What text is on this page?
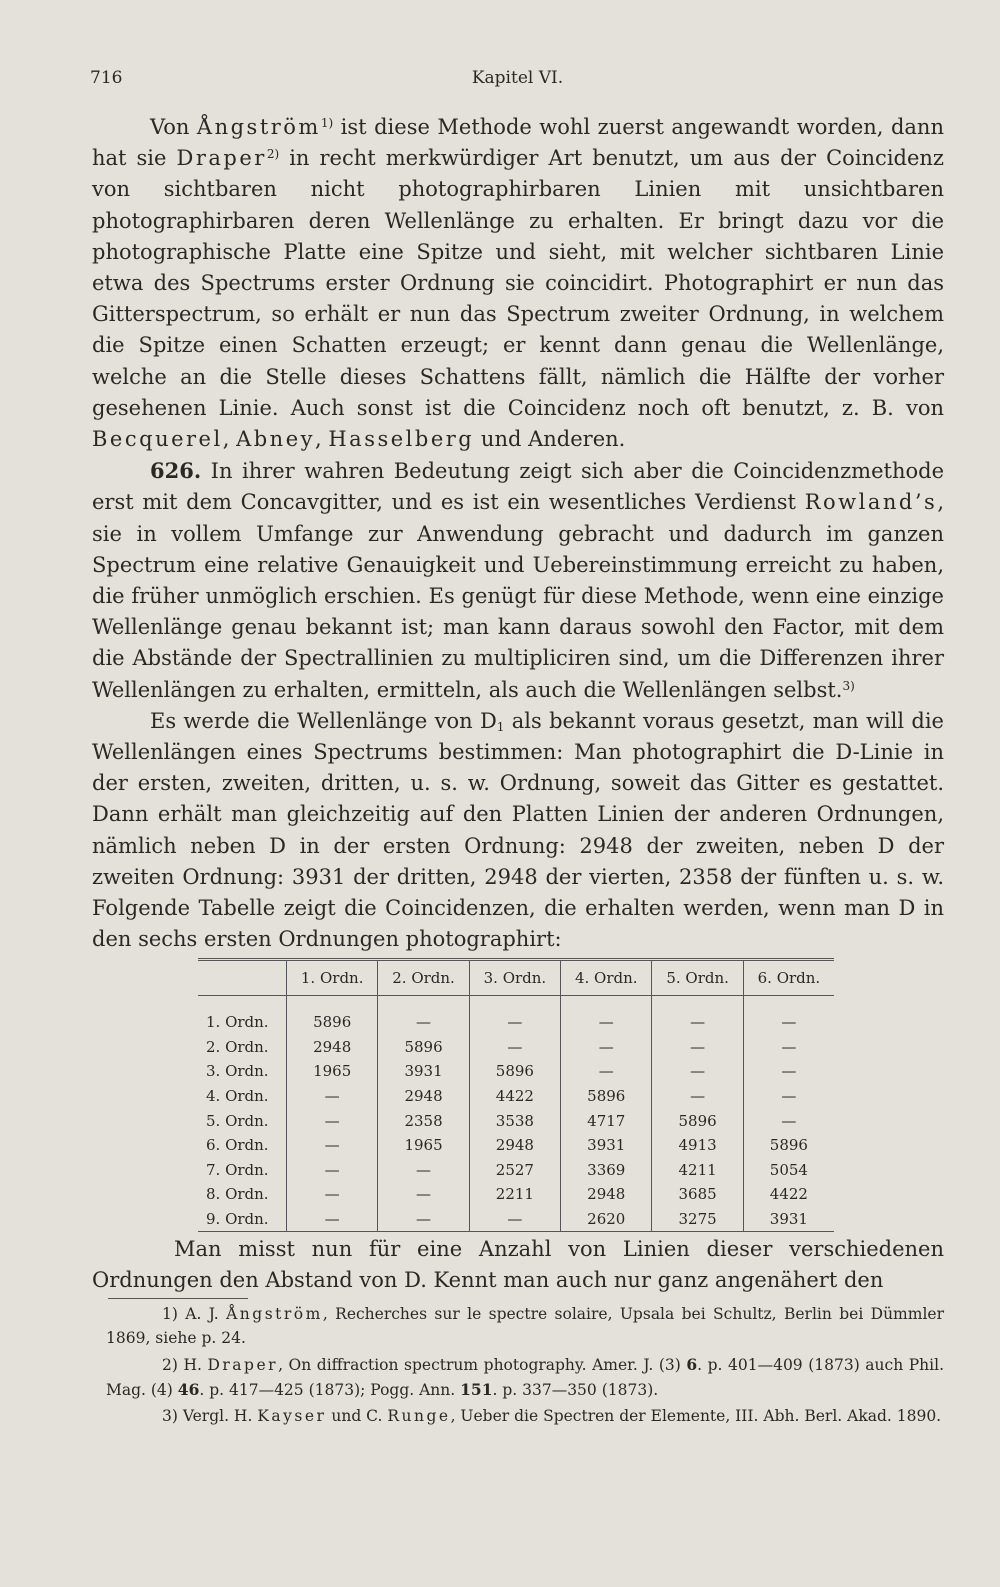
716	Kapitel VI.

Von Ångström$^{1)}$ ist diese Methode wohl zuerst angewandt worden, dann hat sie Draper$^{2)}$ in recht merkwürdiger Art benutzt, um aus der Coincidenz von sichtbaren nicht photographirbaren Linien mit unsichtbaren photographirbaren deren Wellenlänge zu erhalten. Er bringt dazu vor die photographische Platte eine Spitze und sieht, mit welcher sichtbaren Linie etwa des Spectrums erster Ordnung sie coincidirt. Photographirt er nun das Gitterspectrum, so erhält er nun das Spectrum zweiter Ordnung, in welchem die Spitze einen Schatten erzeugt; er kennt dann genau die Wellenlänge, welche an die Stelle dieses Schattens fällt, nämlich die Hälfte der vorher gesehenen Linie. Auch sonst ist die Coincidenz noch oft benutzt, z. B. von Becquerel, Abney, Hasselberg und Anderen.

626. In ihrer wahren Bedeutung zeigt sich aber die Coincidenzmethode erst mit dem Concavgitter, und es ist ein wesentliches Verdienst Rowland’s, sie in vollem Umfange zur Anwendung gebracht und dadurch im ganzen Spectrum eine relative Genauigkeit und Uebereinstimmung erreicht zu haben, die früher unmöglich erschien. Es genügt für diese Methode, wenn eine einzige Wellenlänge genau bekannt ist; man kann daraus sowohl den Factor, mit dem die Abstände der Spectrallinien zu multipliciren sind, um die Differenzen ihrer Wellenlängen zu erhalten, ermitteln, als auch die Wellenlängen selbst.$^{3)}$

Es werde die Wellenlänge von $D_1$ als bekannt voraus gesetzt, man will die Wellenlängen eines Spectrums bestimmen: Man photographirt die D-Linie in der ersten, zweiten, dritten, u. s. w. Ordnung, soweit das Gitter es gestattet. Dann erhält man gleichzeitig auf den Platten Linien der anderen Ordnungen, nämlich neben D in der ersten Ordnung: 2948 der zweiten, neben D der zweiten Ordnung: 3931 der dritten, 2948 der vierten, 2358 der fünften u. s. w. Folgende Tabelle zeigt die Coincidenzen, die erhalten werden, wenn man D in den sechs ersten Ordnungen photographirt:

	1. Ordn.	2. Ordn.	3. Ordn.	4. Ordn.	5. Ordn.	6. Ordn.
1. Ordn.	5896	—	—	—	—	—
2. Ordn.	2948	5896	—	—	—	—
3. Ordn.	1965	3931	5896	—	—	—
4. Ordn.	—	2948	4422	5896	—	—
5. Ordn.	—	2358	3538	4717	5896	—
6. Ordn.	—	1965	2948	3931	4913	5896
7. Ordn.	—	—	2527	3369	4211	5054
8. Ordn.	—	—	2211	2948	3685	4422
9. Ordn.	—	—	—	2620	3275	3931

Man misst nun für eine Anzahl von Linien dieser verschiedenen Ordnungen den Abstand von D. Kennt man auch nur ganz angenähert den

1) A. J. Ångström, Recherches sur le spectre solaire, Upsala bei Schultz, Berlin bei Dümmler 1869, siehe p. 24.

2) H. Draper, On diffraction spectrum photography. Amer. J. (3) 6. p. 401—409 (1873) auch Phil. Mag. (4) 46. p. 417—425 (1873); Pogg. Ann. 151. p. 337—350 (1873).

3) Vergl. H. Kayser und C. Runge, Ueber die Spectren der Elemente, III. Abh. Berl. Akad. 1890.
